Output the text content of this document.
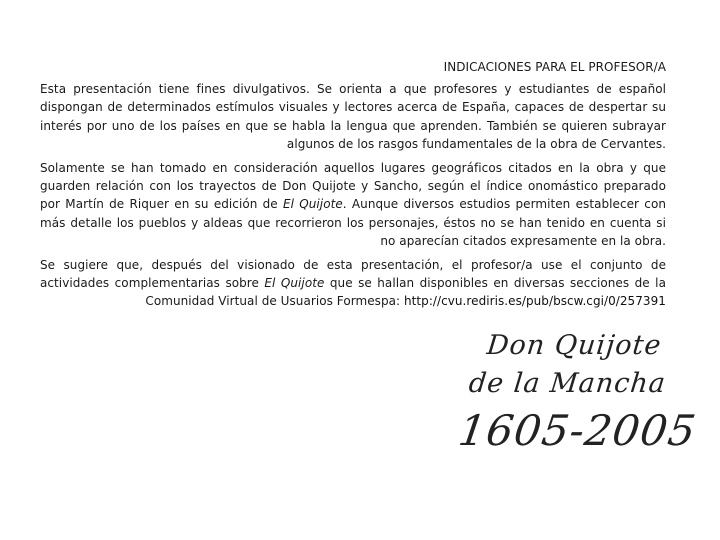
INDICACIONES PARA EL PROFESOR/A

Esta presentación tiene fines divulgativos. Se orienta a que profesores y estudiantes de español dispongan de determinados estímulos visuales y lectores acerca de España, capaces de despertar su interés por uno de los países en que se habla la lengua que aprenden. También se quieren subrayar algunos de los rasgos fundamentales de la obra de Cervantes.

Solamente se han tomado en consideración aquellos lugares geográficos citados en la obra y que guarden relación con los trayectos de Don Quijote y Sancho, según el índice onomástico preparado por Martín de Riquer en su edición de El Quijote. Aunque diversos estudios permiten establecer con más detalle los pueblos y aldeas que recorrieron los personajes, éstos no se han tenido en cuenta si no aparecían citados expresamente en la obra.

Se sugiere que, después del visionado de esta presentación, el profesor/a use el conjunto de actividades complementarias sobre El Quijote que se hallan disponibles en diversas secciones de la Comunidad Virtual de Usuarios Formespa: http://cvu.rediris.es/pub/bscw.cgi/0/257391

Don Quijote
de la Mancha
1605-2005
